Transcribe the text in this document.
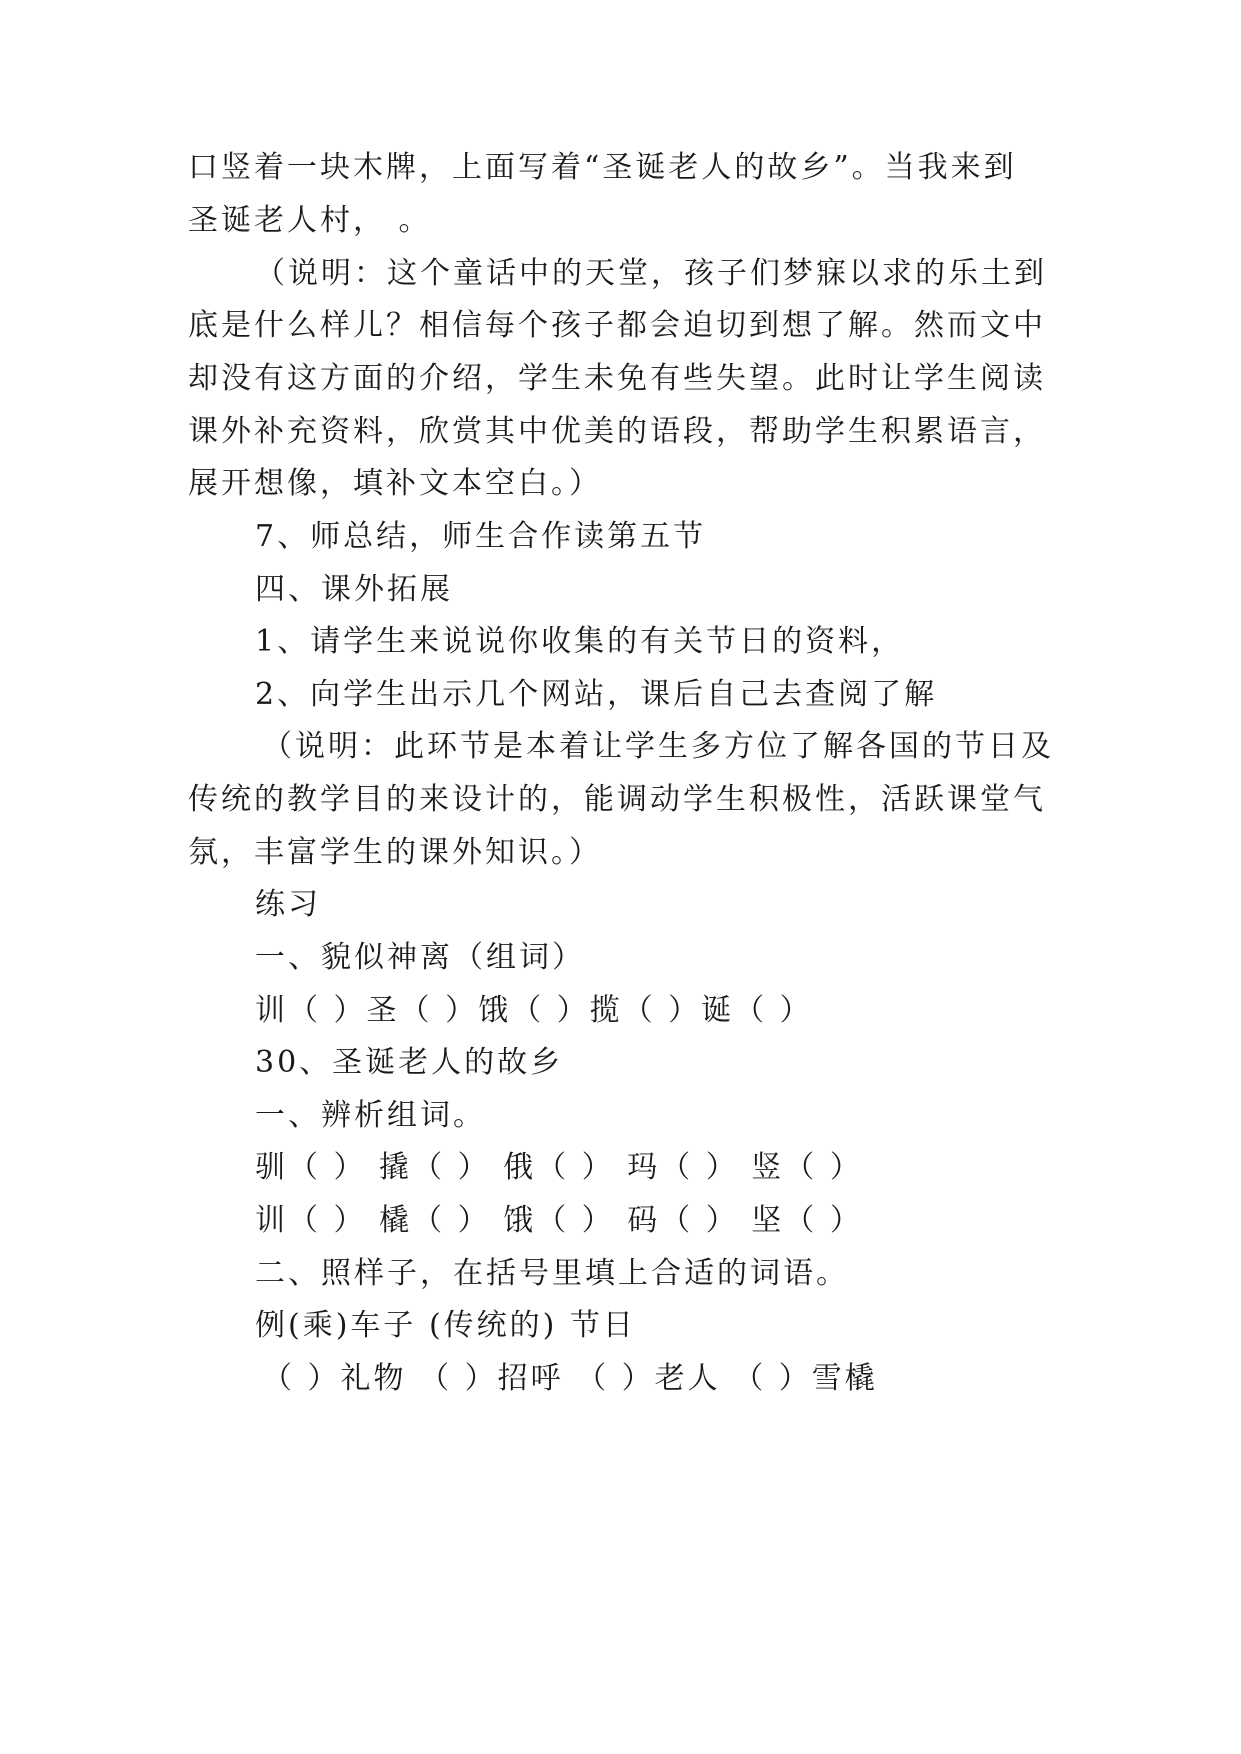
口竖着一块木牌，上面写着“圣诞老人的故乡”。当我来到
圣诞老人村， 。
（说明：这个童话中的天堂，孩子们梦寐以求的乐土到
底是什么样儿？相信每个孩子都会迫切到想了解。然而文中
却没有这方面的介绍，学生未免有些失望。此时让学生阅读
课外补充资料，欣赏其中优美的语段，帮助学生积累语言，
展开想像，填补文本空白。）
7、师总结，师生合作读第五节
四、课外拓展
1、请学生来说说你收集的有关节日的资料，
2、向学生出示几个网站，课后自己去查阅了解
（说明：此环节是本着让学生多方位了解各国的节日及
传统的教学目的来设计的，能调动学生积极性，活跃课堂气
氛，丰富学生的课外知识。）
练习
一、貌似神离（组词）
训（ ）圣（ ）饿（ ）揽（ ）诞（ ）
30、圣诞老人的故乡
一、辨析组词。
驯（ ） 撬（ ） 俄（ ） 玛（ ） 竖（ ）
训（ ） 橇（ ） 饿（ ） 码（ ） 坚（ ）
二、照样子，在括号里填上合适的词语。
例(乘)车子 (传统的) 节日
（ ）礼物 （ ）招呼 （ ）老人 （ ）雪橇
